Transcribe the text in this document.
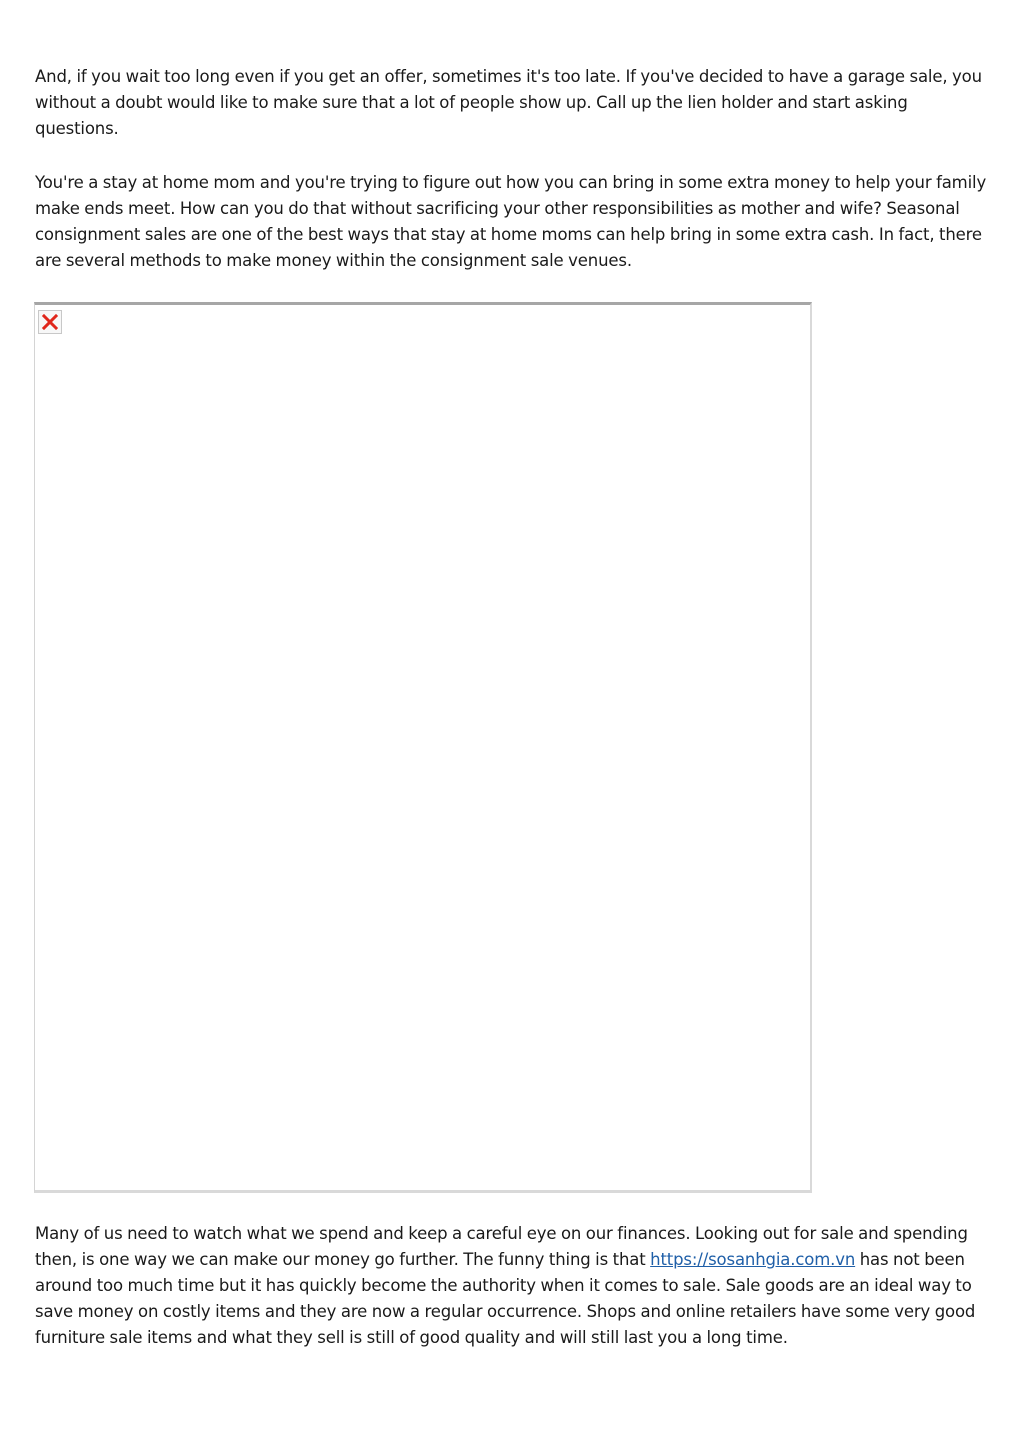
And, if you wait too long even if you get an offer, sometimes it's too late. If you've decided to have a garage sale, you without a doubt would like to make sure that a lot of people show up. Call up the lien holder and start asking questions.

You're a stay at home mom and you're trying to figure out how you can bring in some extra money to help your family make ends meet. How can you do that without sacrificing your other responsibilities as mother and wife? Seasonal consignment sales are one of the best ways that stay at home moms can help bring in some extra cash. In fact, there are several methods to make money within the consignment sale venues.

Many of us need to watch what we spend and keep a careful eye on our finances. Looking out for sale and spending then, is one way we can make our money go further. The funny thing is that https://sosanhgia.com.vn has not been around too much time but it has quickly become the authority when it comes to sale. Sale goods are an ideal way to save money on costly items and they are now a regular occurrence. Shops and online retailers have some very good furniture sale items and what they sell is still of good quality and will still last you a long time.
